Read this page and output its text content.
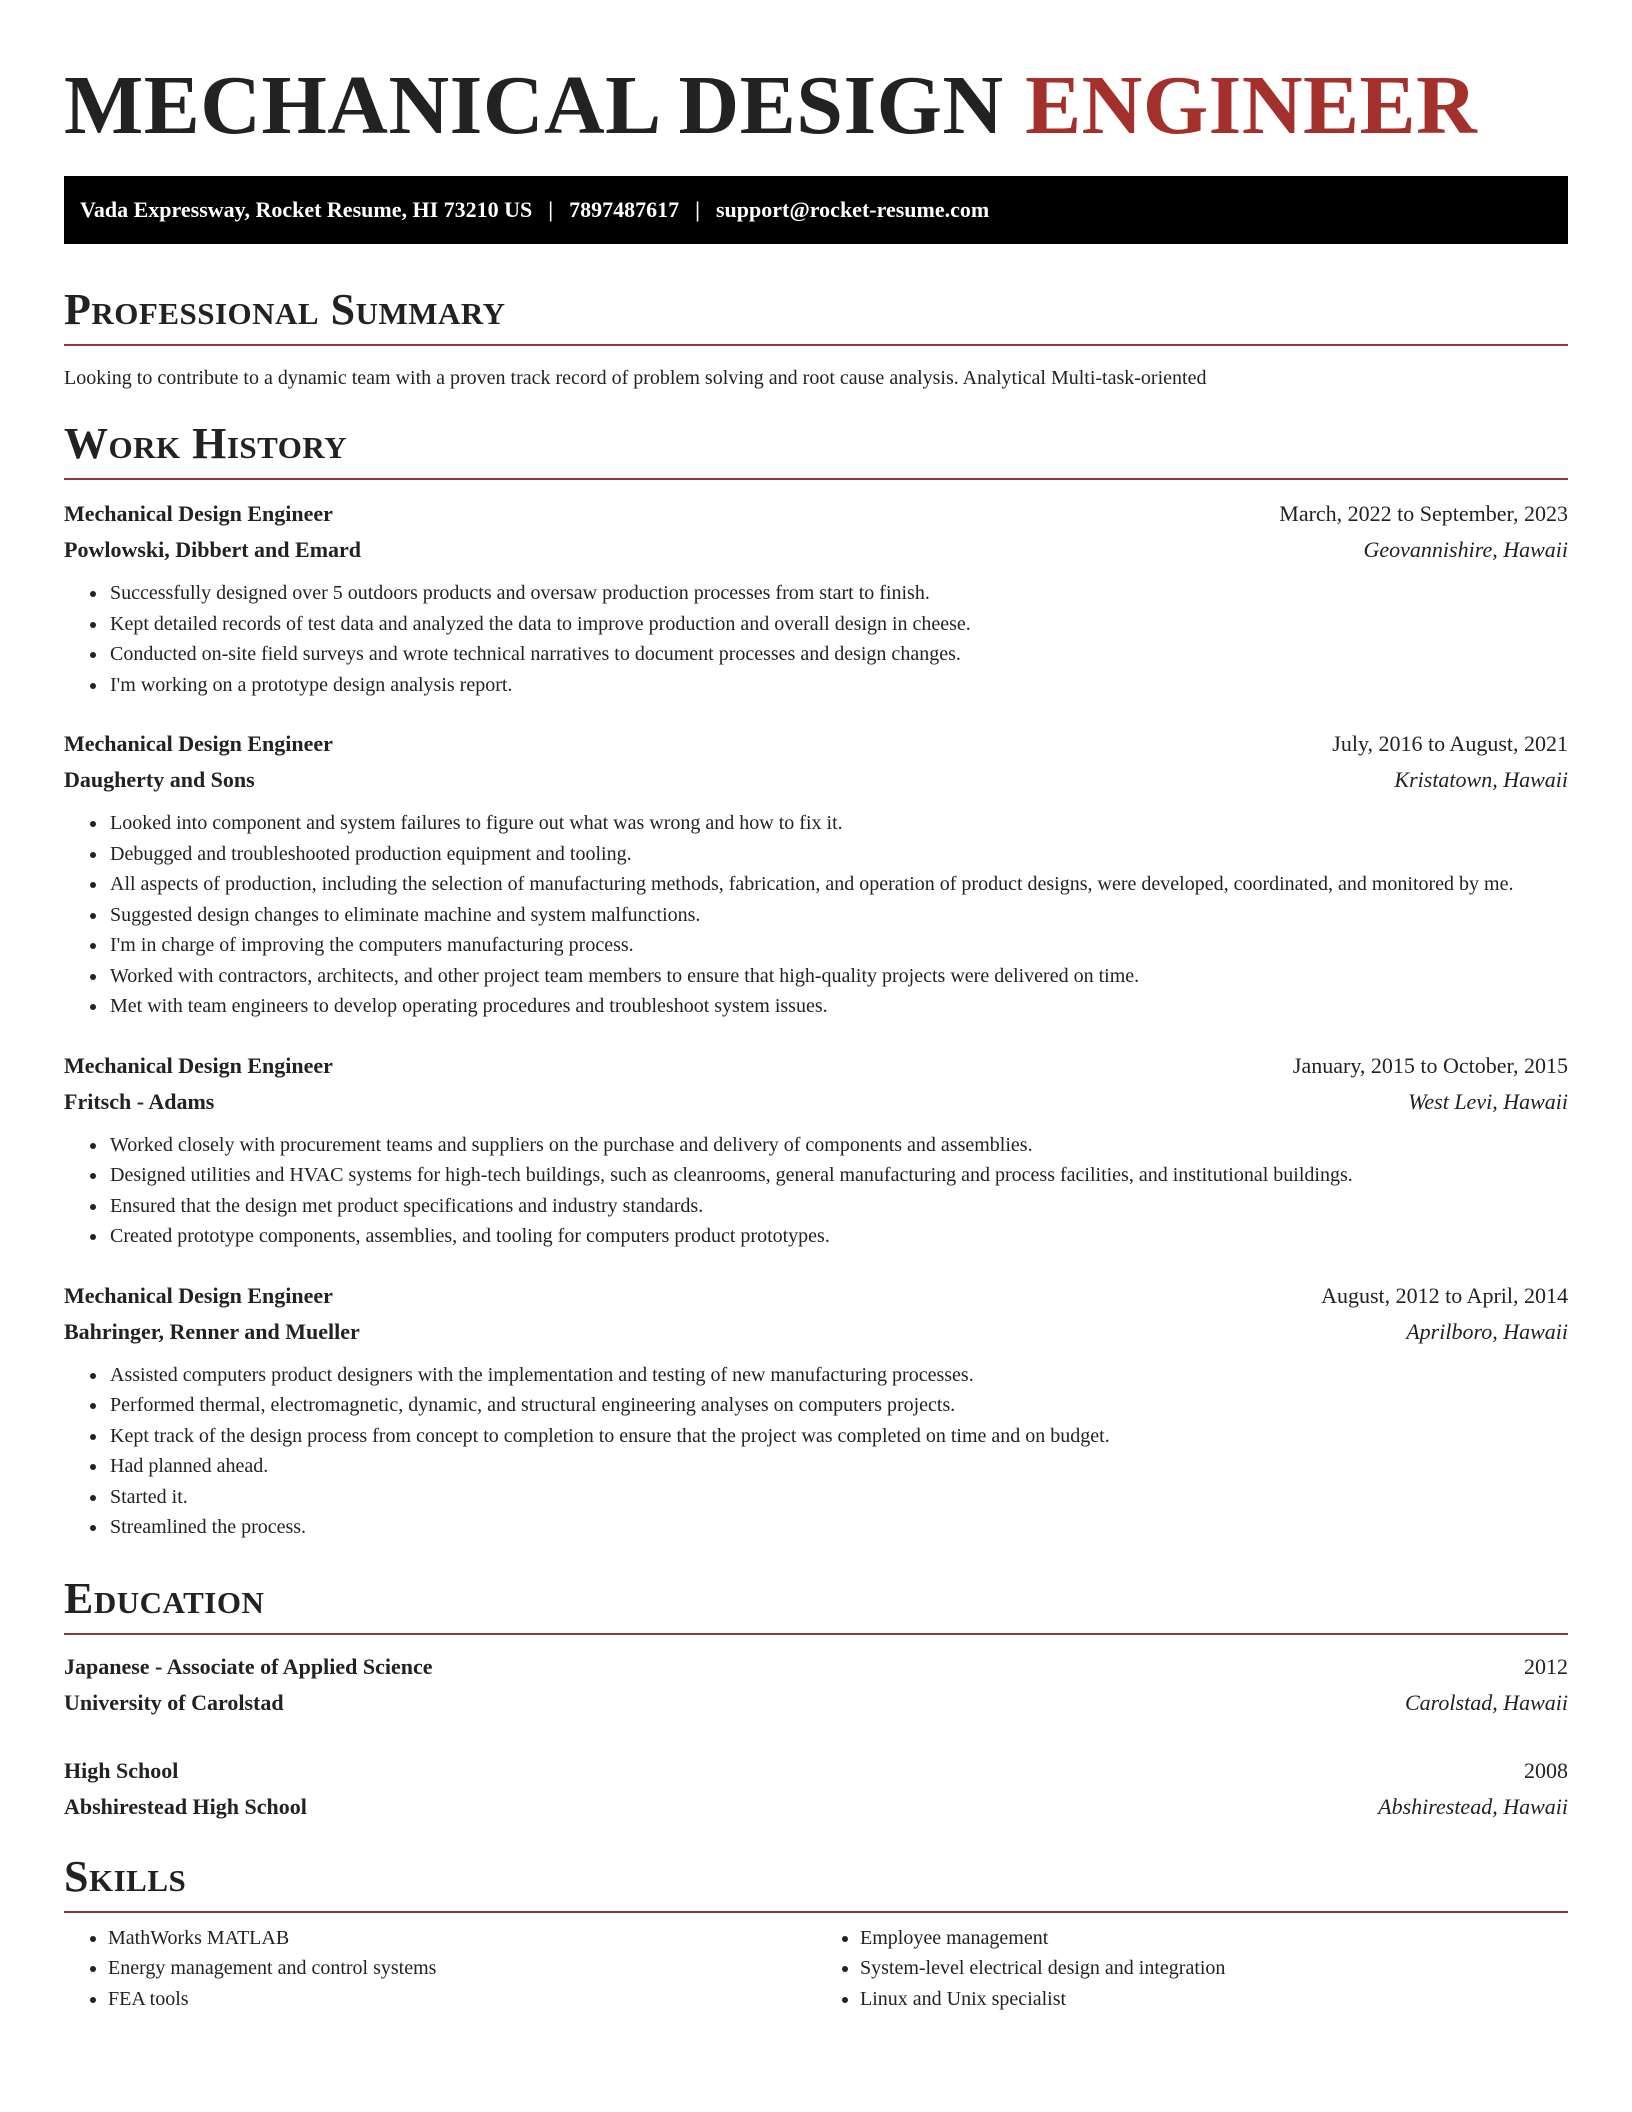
MECHANICAL DESIGN ENGINEER
Vada Expressway, Rocket Resume, HI 73210 US | 7897487617 | support@rocket-resume.com
Professional Summary

Looking to contribute to a dynamic team with a proven track record of problem solving and root cause analysis. Analytical Multi-task-oriented

Work History
Mechanical Design Engineer	March, 2022 to September, 2023
Powlowski, Dibbert and Emard	Geovannishire, Hawaii
• Successfully designed over 5 outdoors products and oversaw production processes from start to finish.
• Kept detailed records of test data and analyzed the data to improve production and overall design in cheese.
• Conducted on-site field surveys and wrote technical narratives to document processes and design changes.
• I'm working on a prototype design analysis report.
Mechanical Design Engineer	July, 2016 to August, 2021
Daugherty and Sons	Kristatown, Hawaii
• Looked into component and system failures to figure out what was wrong and how to fix it.
• Debugged and troubleshooted production equipment and tooling.
• All aspects of production, including the selection of manufacturing methods, fabrication, and operation of product designs, were developed, coordinated, and monitored by me.
• Suggested design changes to eliminate machine and system malfunctions.
• I'm in charge of improving the computers manufacturing process.
• Worked with contractors, architects, and other project team members to ensure that high-quality projects were delivered on time.
• Met with team engineers to develop operating procedures and troubleshoot system issues.
Mechanical Design Engineer	January, 2015 to October, 2015
Fritsch - Adams	West Levi, Hawaii
• Worked closely with procurement teams and suppliers on the purchase and delivery of components and assemblies.
• Designed utilities and HVAC systems for high-tech buildings, such as cleanrooms, general manufacturing and process facilities, and institutional buildings.
• Ensured that the design met product specifications and industry standards.
• Created prototype components, assemblies, and tooling for computers product prototypes.
Mechanical Design Engineer	August, 2012 to April, 2014
Bahringer, Renner and Mueller	Aprilboro, Hawaii
• Assisted computers product designers with the implementation and testing of new manufacturing processes.
• Performed thermal, electromagnetic, dynamic, and structural engineering analyses on computers projects.
• Kept track of the design process from concept to completion to ensure that the project was completed on time and on budget.
• Had planned ahead.
• Started it.
• Streamlined the process.
Education
Japanese - Associate of Applied Science	2012
University of Carolstad	Carolstad, Hawaii
High School	2008
Abshirestead High School	Abshirestead, Hawaii
Skills
• MathWorks MATLAB
• Energy management and control systems
• FEA tools
• Employee management
• System-level electrical design and integration
• Linux and Unix specialist
